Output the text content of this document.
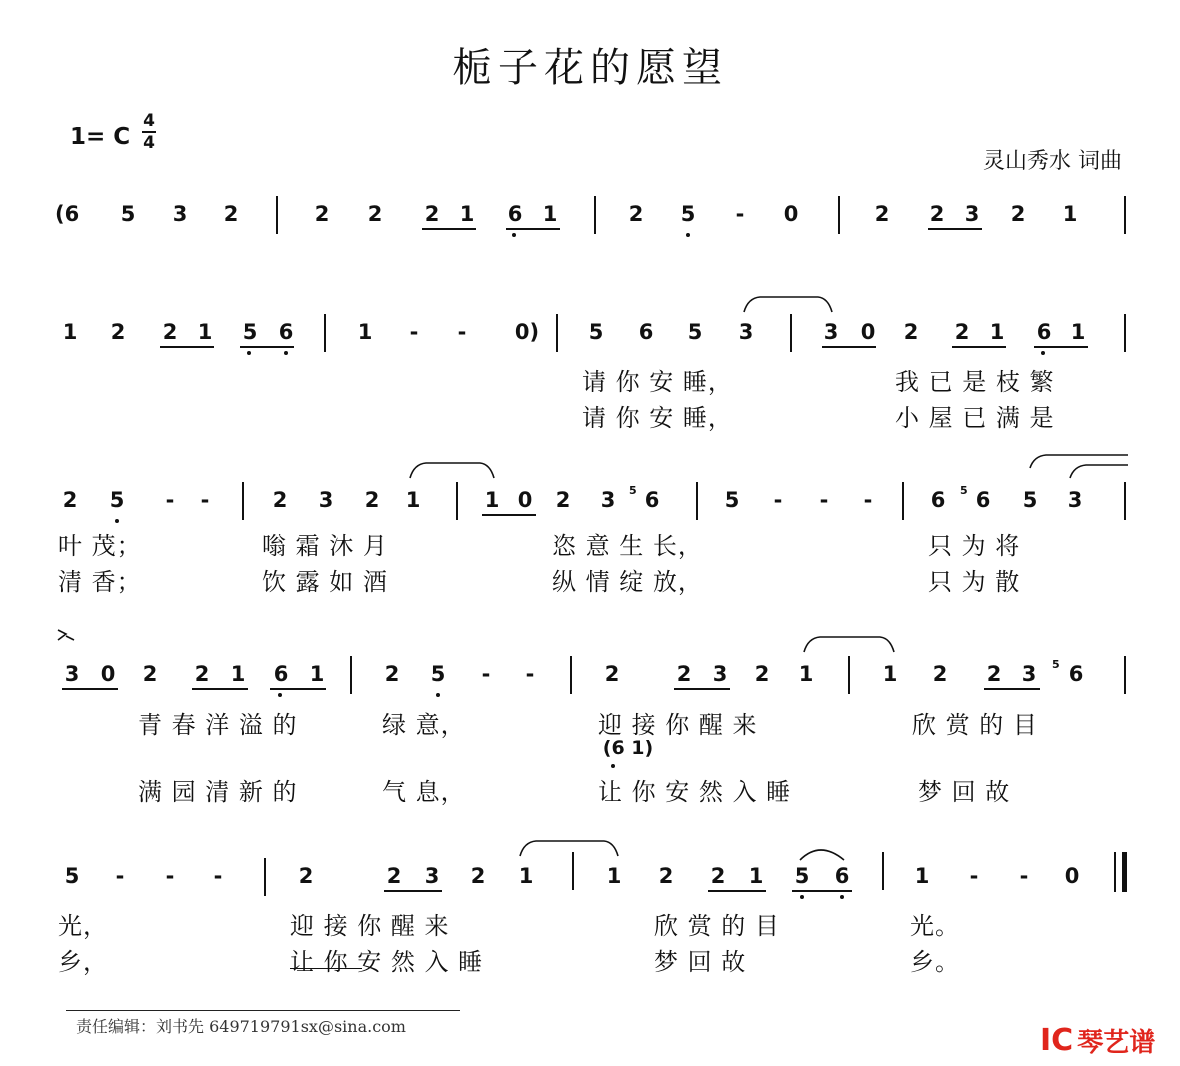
栀子花的愿望
1= C
4
4
灵山秀水 词曲
(6 5 3 2	2 2 2 1 6 1	2 5	-	0	2 2 3 2 1
1 2 2 1 5 6	1	-	-	0) 5 6 5 3	3 0 2 2 1 6 1
请 你 安 睡，	我 已 是 枝 繁
请 你 安 睡，	小 屋 已 满 是
2 5	-	-	2 3 2 1	1 0 2 3	5 6	5	-	-	-	6	5 6 5 3
叶 茂；	嗡 霜 沐 月	恣 意 生 长，	只 为 将
清 香；	饮 露 如 酒	纵 情 绽 放，	只 为 散
3 0 2 2 1 6 1	2 5	-	-	2	2 3 2 1	1 2 2 3	5 6
青 春 洋 溢 的	绿 意，	迎 接 你 醒 来	欣 赏 的 目
(6 1)
满 园 清 新 的	气 息，	让 你 安 然 入 睡	梦 回 故
5	-	-	-	2	2 3 2 1	1 2 2 1 5 6	1	-	-	0
光，	迎 接 你 醒 来	欣 赏 的 目	光。
乡，	让 你 安 然 入 睡	梦 回 故	乡。
责任编辑：刘书先 649719791sx@sina.com	IC 琴艺谱
